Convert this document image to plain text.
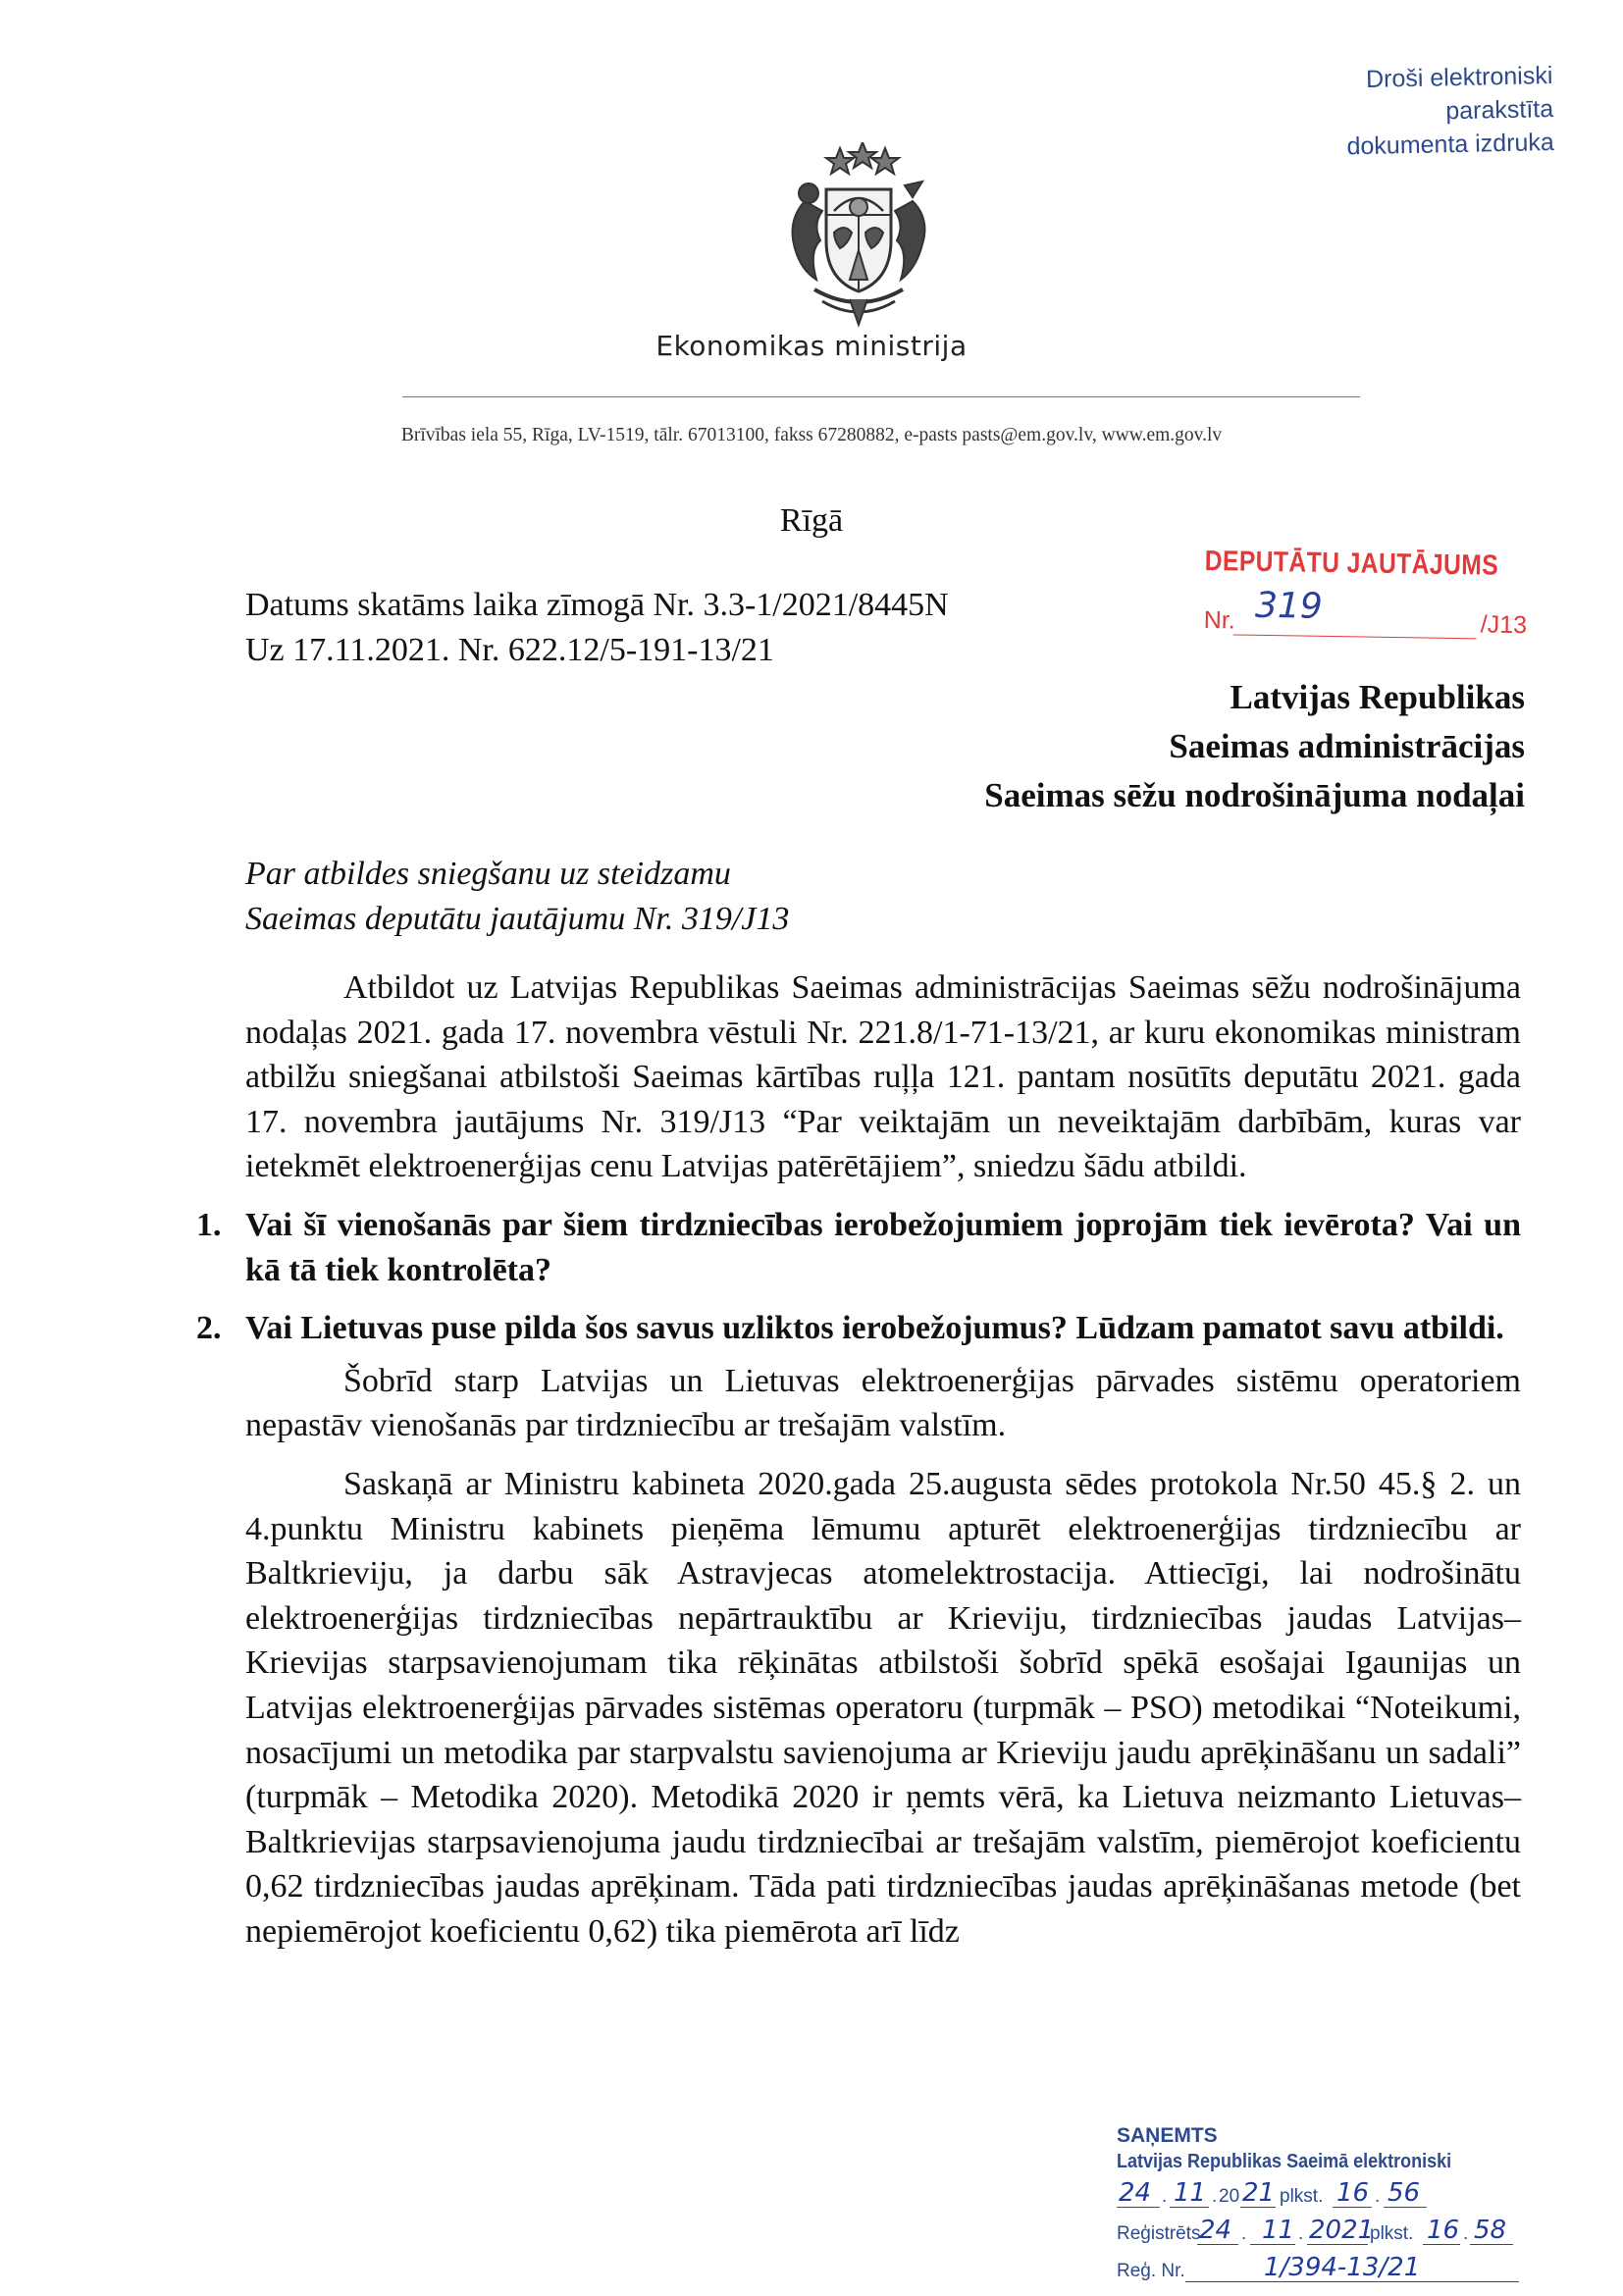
Droši elektroniski parakstīta
dokumenta izdruka
Ekonomikas ministrija
Brīvības iela 55, Rīga, LV-1519, tālr. 67013100, fakss 67280882, e-pasts pasts@em.gov.lv, www.em.gov.lv
Rīgā
Datums skatāms laika zīmogā Nr. 3.3-1/2021/8445N
Uz 17.11.2021. Nr. 622.12/5-191-13/21
DEPUTĀTU JAUTĀJUMS
Nr. 319	/J13
Latvijas Republikas
Saeimas administrācijas
Saeimas sēžu nodrošinājuma nodaļai
Par atbildes sniegšanu uz steidzamu
Saeimas deputātu jautājumu Nr. 319/J13

Atbildot uz Latvijas Republikas Saeimas administrācijas Saeimas sēžu nodrošinājuma nodaļas 2021. gada 17. novembra vēstuli Nr. 221.8/1-71-13/21, ar kuru ekonomikas ministram atbilžu sniegšanai atbilstoši Saeimas kārtības ruļļa 121. pantam nosūtīts deputātu 2021. gada 17. novembra jautājums Nr. 319/J13 “Par veiktajām un neveiktajām darbībām, kuras var ietekmēt elektroenerģijas cenu Latvijas patērētājiem”, sniedzu šādu atbildi.

1. Vai šī vienošanās par šiem tirdzniecības ierobežojumiem joprojām tiek ievērota? Vai un kā tā tiek kontrolēta?
2. Vai Lietuvas puse pilda šos savus uzliktos ierobežojumus? Lūdzam pamatot savu atbildi.

Šobrīd starp Latvijas un Lietuvas elektroenerģijas pārvades sistēmu operatoriem nepastāv vienošanās par tirdzniecību ar trešajām valstīm.

Saskaņā ar Ministru kabineta 2020.gada 25.augusta sēdes protokola Nr.50 45.§ 2. un 4.punktu Ministru kabinets pieņēma lēmumu apturēt elektroenerģijas tirdzniecību ar Baltkrieviju, ja darbu sāk Astravjecas atomelektrostacija. Attiecīgi, lai nodrošinātu elektroenerģijas tirdzniecības nepārtrauktību ar Krieviju, tirdzniecības jaudas Latvijas–Krievijas starpsavienojumam tika rēķinātas atbilstoši šobrīd spēkā esošajai Igaunijas un Latvijas elektroenerģijas pārvades sistēmas operatoru (turpmāk – PSO) metodikai “Noteikumi, nosacījumi un metodika par starpvalstu savienojuma ar Krieviju jaudu aprēķināšanu un sadali” (turpmāk – Metodika 2020). Metodikā 2020 ir ņemts vērā, ka Lietuva neizmanto Lietuvas–Baltkrievijas starpsavienojuma jaudu tirdzniecībai ar trešajām valstīm, piemērojot koeficientu 0,62 tirdzniecības jaudas aprēķinam. Tāda pati tirdzniecības jaudas aprēķināšanas metode (bet nepiemērojot koeficientu 0,62) tika piemērota arī līdz

SAŅEMTS
Latvijas Republikas Saeimā elektroniski
24 . 11 . 20 21 plkst. 16 . 56
Reģistrēts
24 . 11 . 2021
plkst. 16 . 58
Reģ. Nr.	1/394-13/21
